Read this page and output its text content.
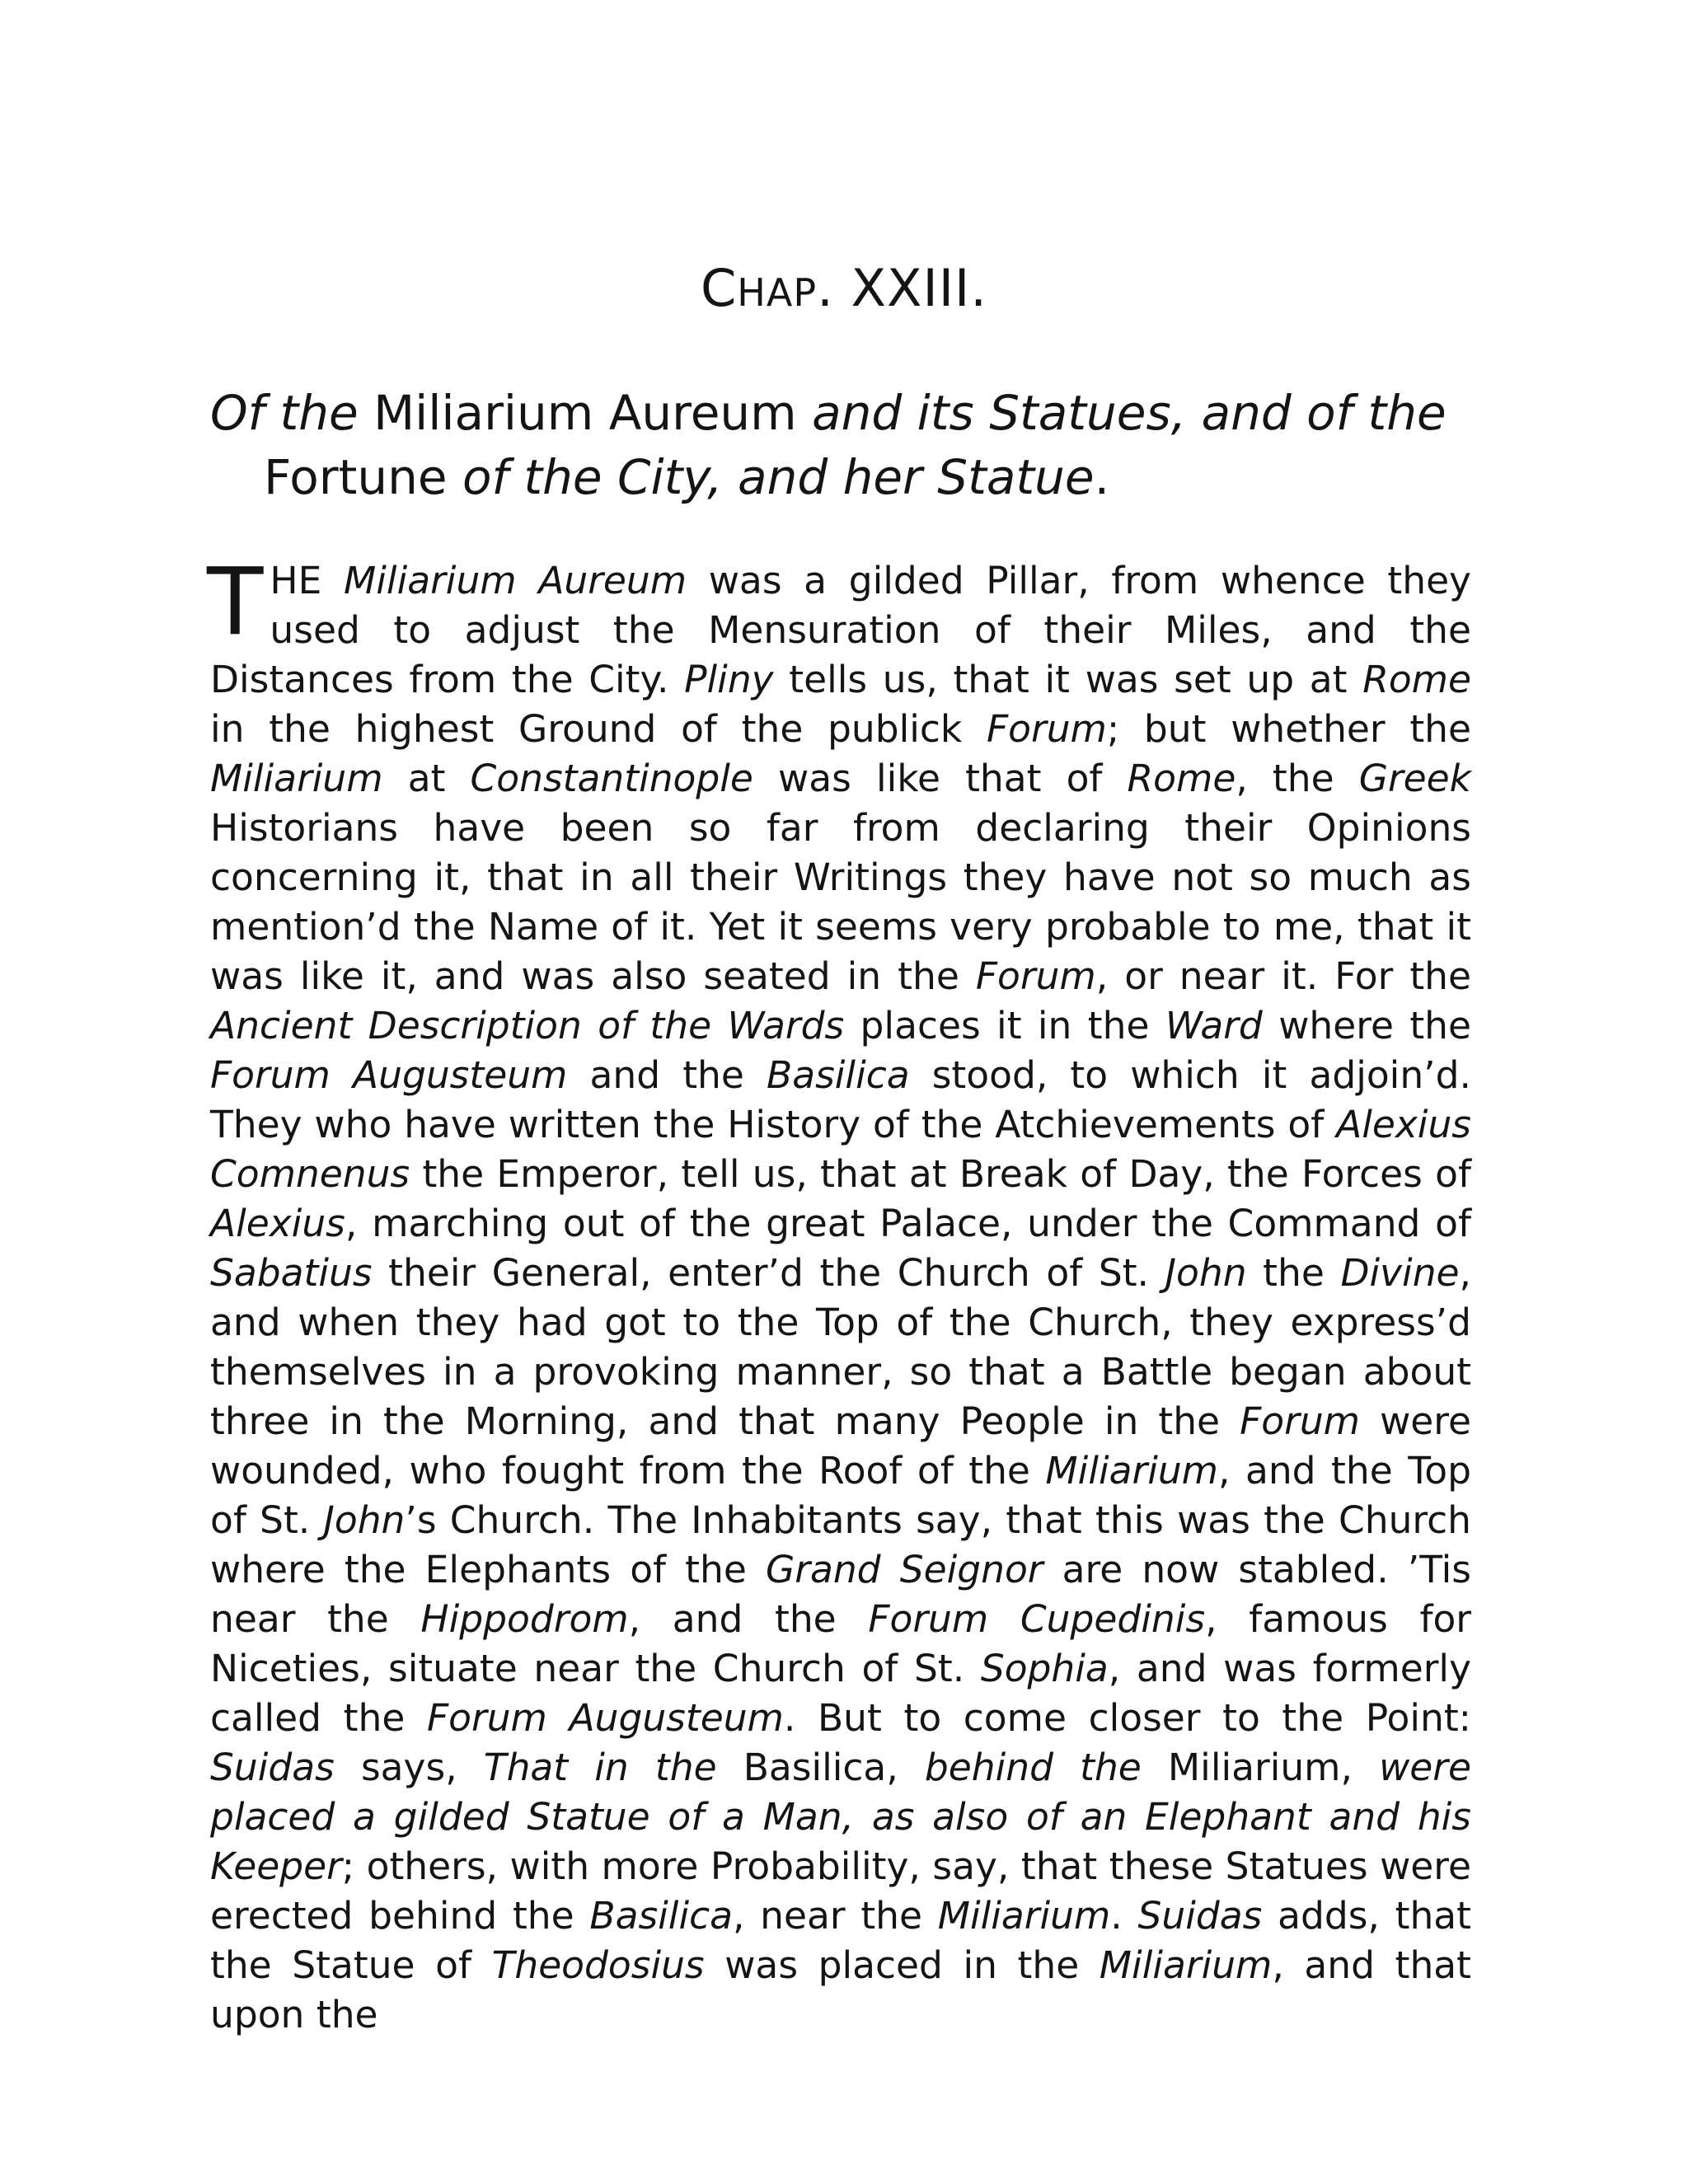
CHAP. XXIII.
Of the Miliarium Aureum and its Statues, and of the Fortune of the City, and her Statue.

THE Miliarium Aureum was a gilded Pillar, from whence they used to adjust the Mensuration of their Miles, and the Distances from the City. Pliny tells us, that it was set up at Rome in the highest Ground of the publick Forum; but whether the Miliarium at Constantinople was like that of Rome, the Greek Historians have been so far from declaring their Opinions concerning it, that in all their Writings they have not so much as mention’d the Name of it. Yet it seems very probable to me, that it was like it, and was also seated in the Forum, or near it. For the Ancient Description of the Wards places it in the Ward where the Forum Augusteum and the Basilica stood, to which it adjoin’d. They who have written the History of the Atchievements of Alexius Comnenus the Emperor, tell us, that at Break of Day, the Forces of Alexius, marching out of the great Palace, under the Command of Sabatius their General, enter’d the Church of St. John the Divine, and when they had got to the Top of the Church, they express’d themselves in a provoking manner, so that a Battle began about three in the Morning, and that many People in the Forum were wounded, who fought from the Roof of the Miliarium, and the Top of St. John’s Church. The Inhabitants say, that this was the Church where the Elephants of the Grand Seignor are now stabled. ’Tis near the Hippodrom, and the Forum Cupedinis, famous for Niceties, situate near the Church of St. Sophia, and was formerly called the Forum Augusteum. But to come closer to the Point: Suidas says, That in the Basilica, behind the Miliarium, were placed a gilded Statue of a Man, as also of an Elephant and his Keeper; others, with more Probability, say, that these Statues were erected behind the Basilica, near the Miliarium. Suidas adds, that the Statue of Theodosius was placed in the Miliarium, and that upon the
